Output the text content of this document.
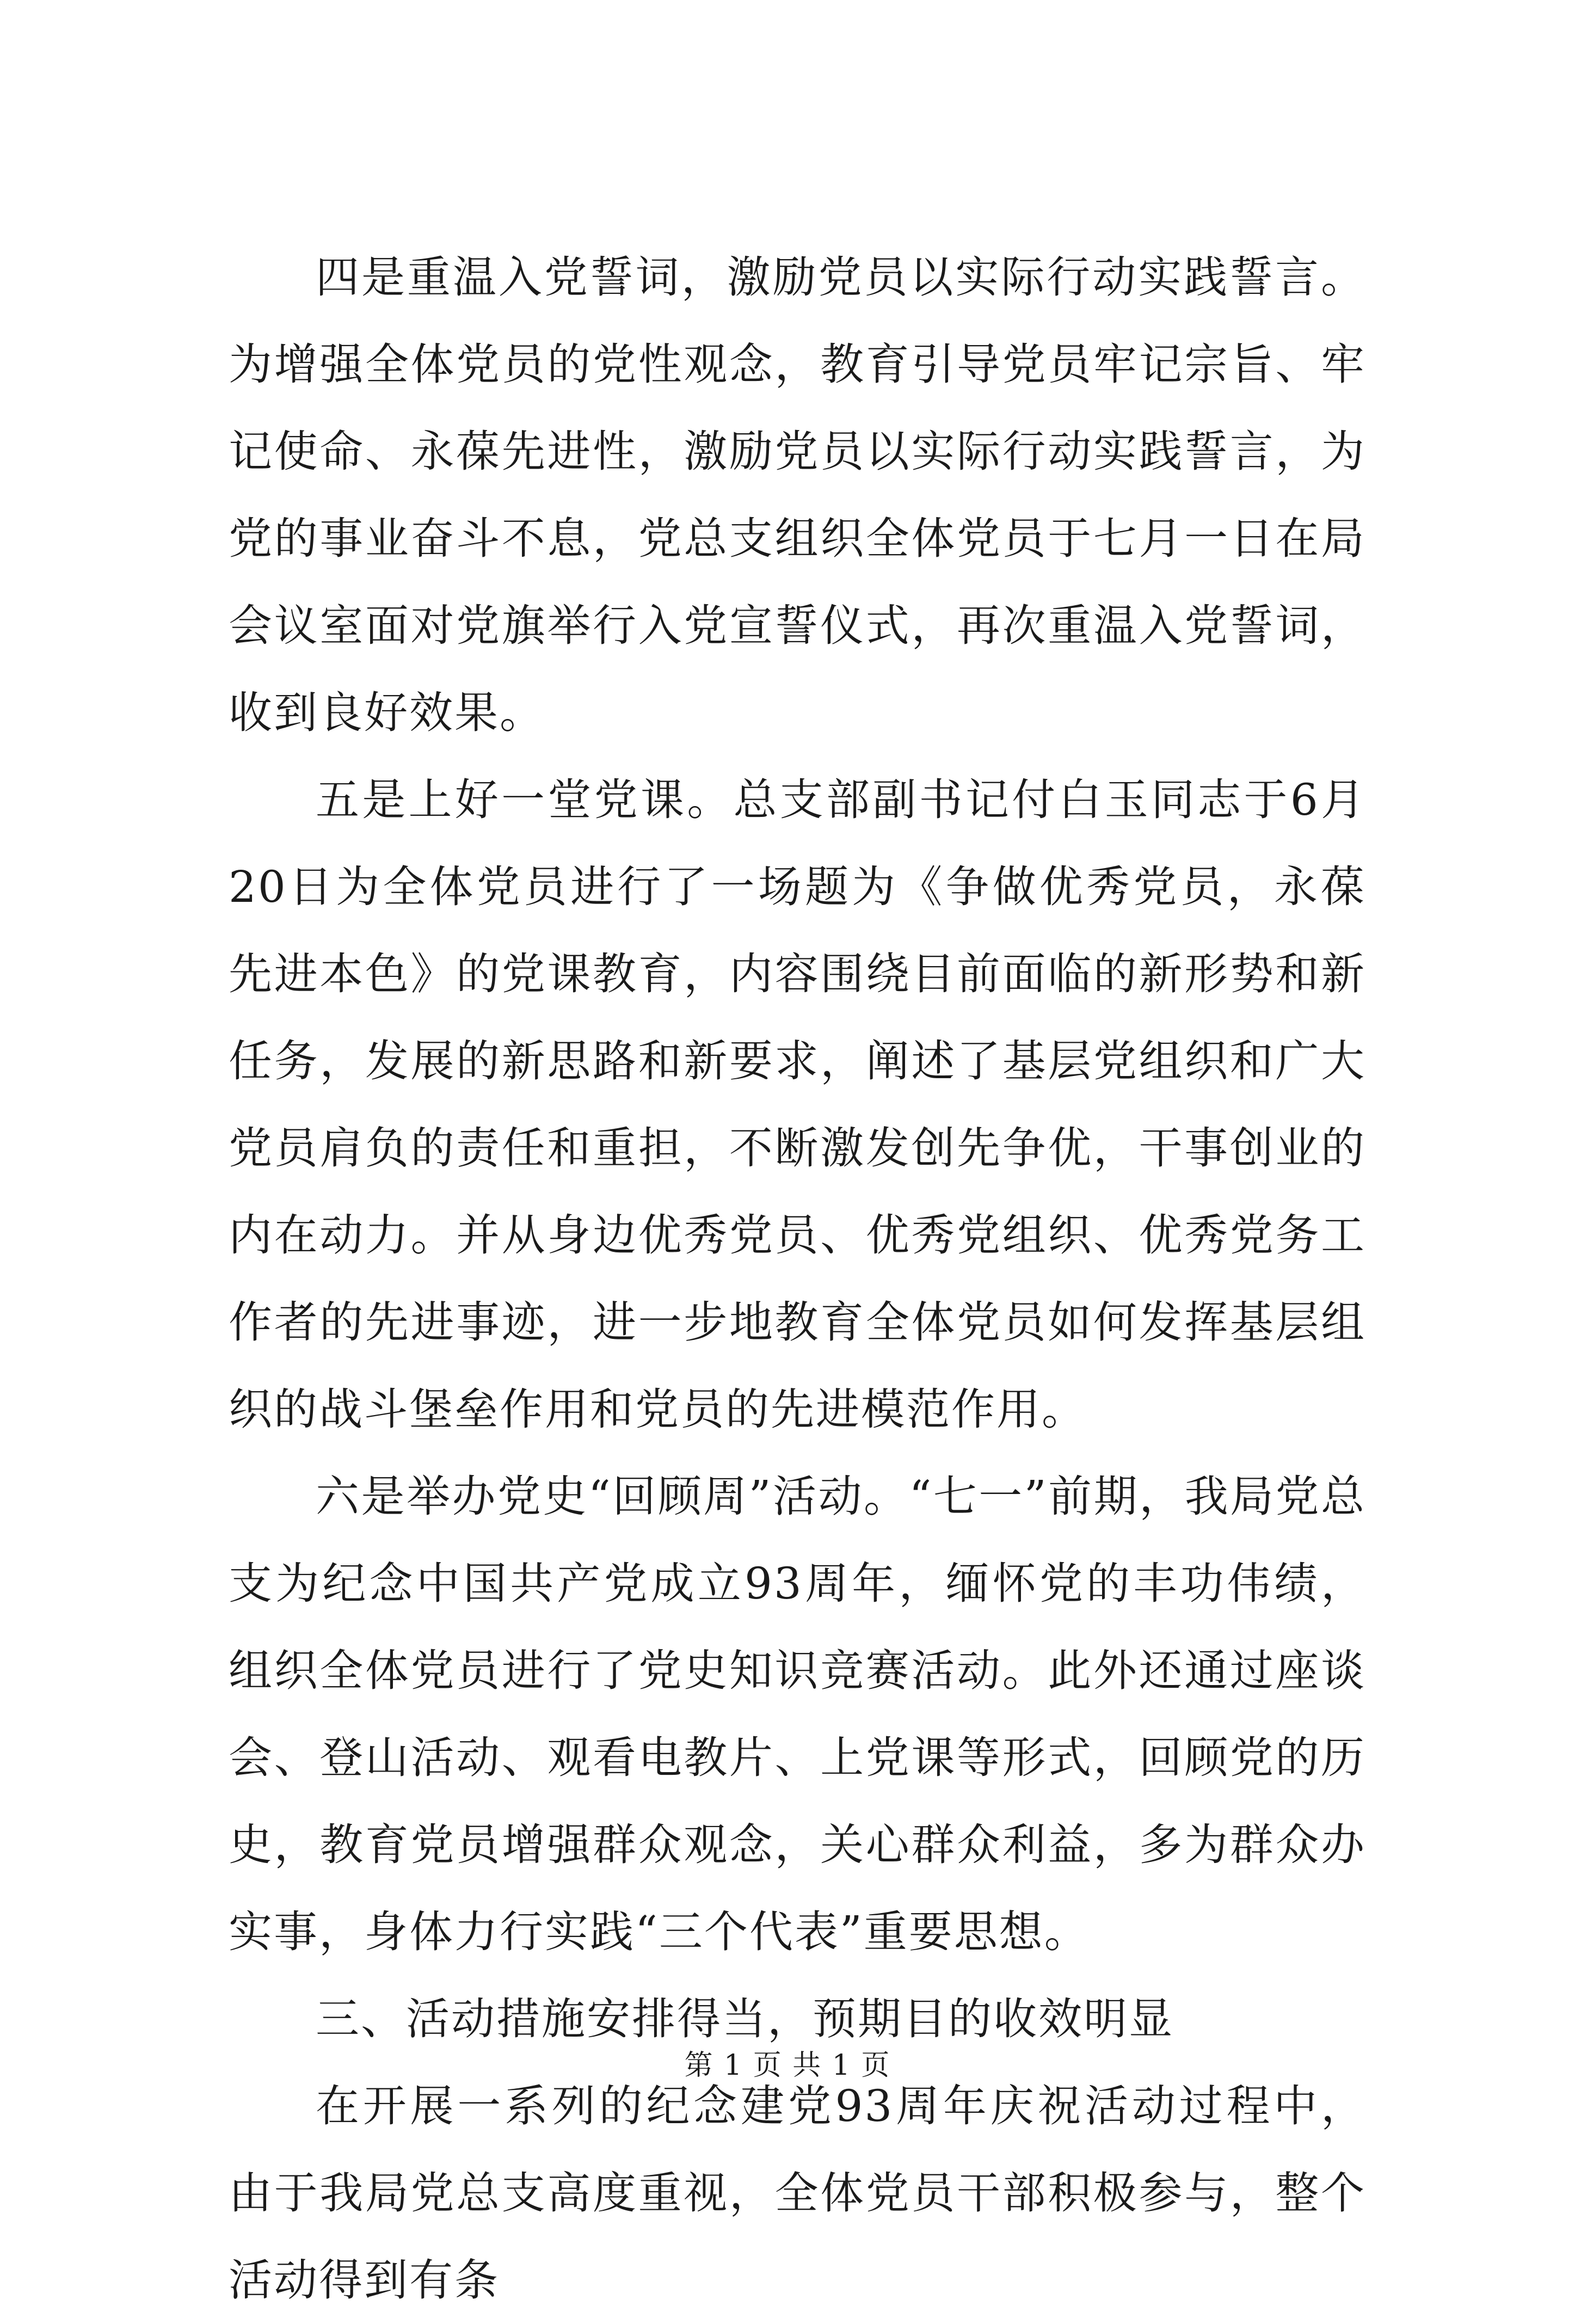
四是重温入党誓词，激励党员以实际行动实践誓言。为增强全体党员的党性观念，教育引导党员牢记宗旨、牢记使命、永葆先进性，激励党员以实际行动实践誓言，为党的事业奋斗不息，党总支组织全体党员于七月一日在局会议室面对党旗举行入党宣誓仪式，再次重温入党誓词，收到良好效果。

五是上好一堂党课。总支部副书记付白玉同志于6月20日为全体党员进行了一场题为《争做优秀党员，永葆先进本色》的党课教育，内容围绕目前面临的新形势和新任务，发展的新思路和新要求，阐述了基层党组织和广大党员肩负的责任和重担，不断激发创先争优，干事创业的内在动力。并从身边优秀党员、优秀党组织、优秀党务工作者的先进事迹，进一步地教育全体党员如何发挥基层组织的战斗堡垒作用和党员的先进模范作用。

六是举办党史“回顾周”活动。“七一”前期，我局党总支为纪念中国共产党成立93周年，缅怀党的丰功伟绩，组织全体党员进行了党史知识竞赛活动。此外还通过座谈会、登山活动、观看电教片、上党课等形式，回顾党的历史，教育党员增强群众观念，关心群众利益，多为群众办实事，身体力行实践“三个代表”重要思想。

三、活动措施安排得当，预期目的收效明显

在开展一系列的纪念建党93周年庆祝活动过程中，由于我局党总支高度重视，全体党员干部积极参与，整个活动得到有条

第 1 页 共 1 页
